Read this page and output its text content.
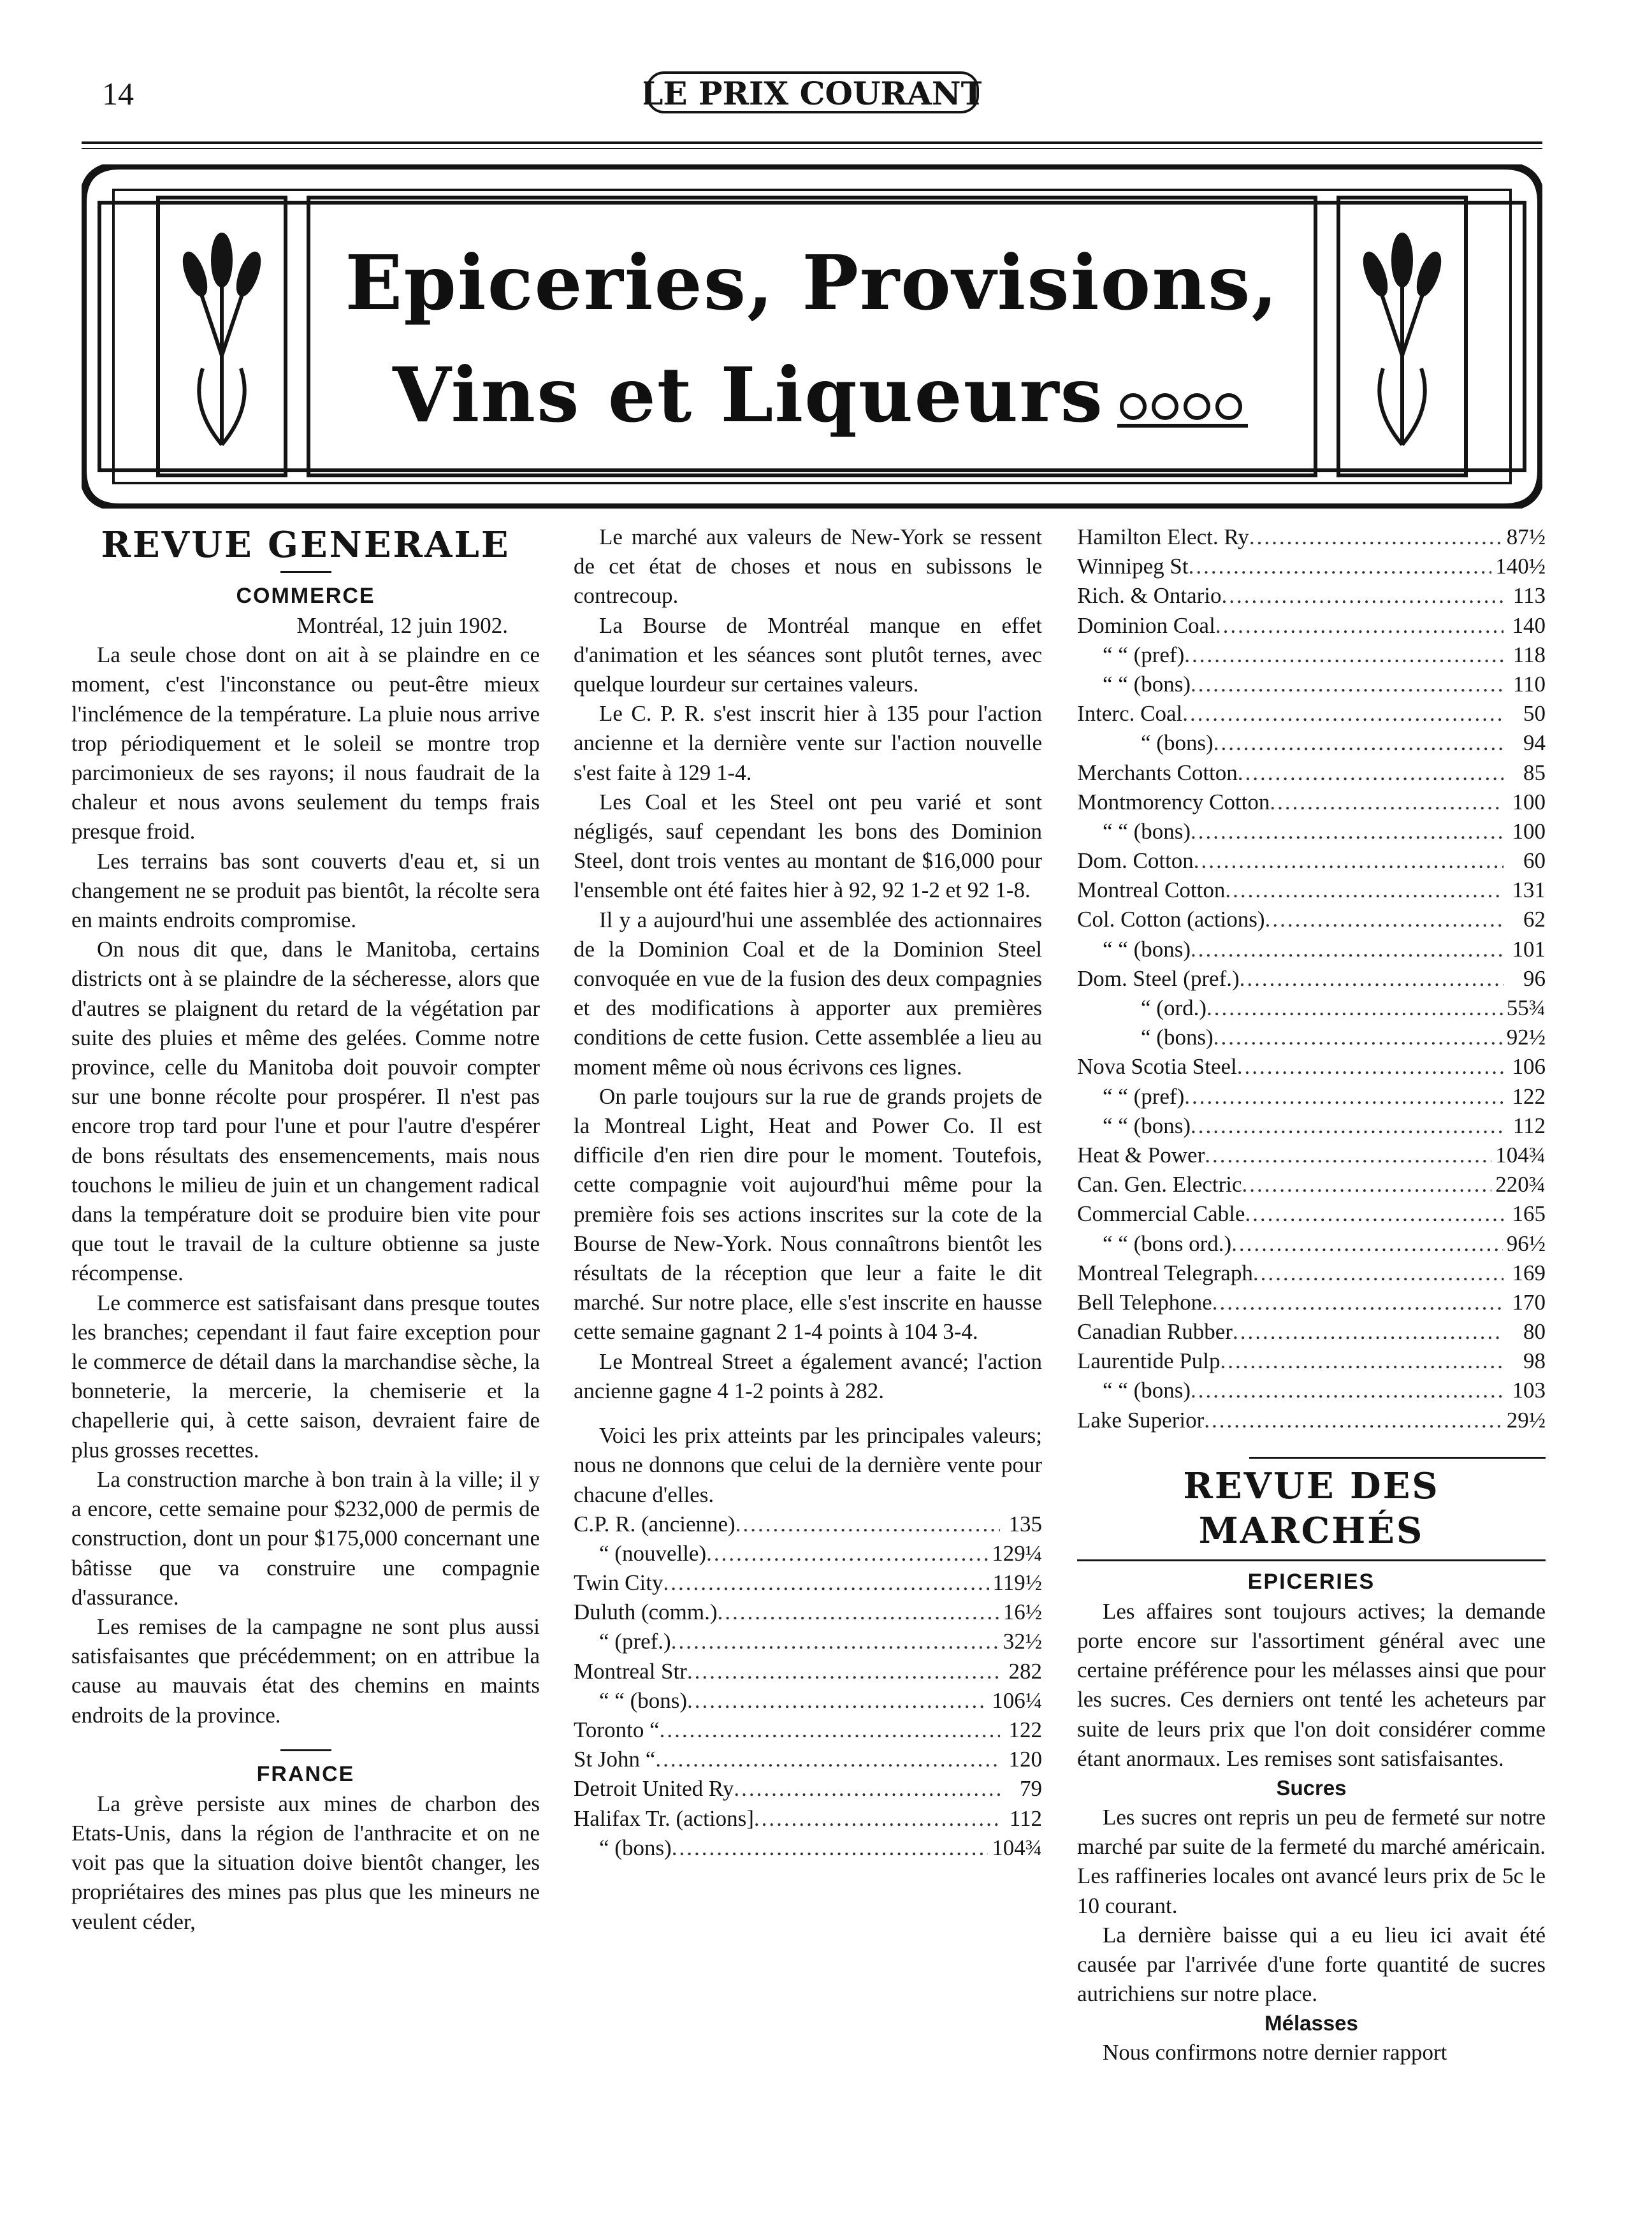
14	LE PRIX COURANT
Epiceries, Provisions,
Vins et Liqueurs
REVUE GENERALE
COMMERCE
Montréal, 12 juin 1902.

La seule chose dont on ait à se plaindre en ce moment, c'est l'inconstance ou peut-être mieux l'inclémence de la température. La pluie nous arrive trop périodiquement et le soleil se montre trop parcimonieux de ses rayons; il nous faudrait de la chaleur et nous avons seulement du temps frais presque froid.

Les terrains bas sont couverts d'eau et, si un changement ne se produit pas bientôt, la récolte sera en maints endroits compromise.

On nous dit que, dans le Manitoba, certains districts ont à se plaindre de la sécheresse, alors que d'autres se plaignent du retard de la végétation par suite des pluies et même des gelées. Comme notre province, celle du Manitoba doit pouvoir compter sur une bonne récolte pour prospérer. Il n'est pas encore trop tard pour l'une et pour l'autre d'espérer de bons résultats des ensemencements, mais nous touchons le milieu de juin et un changement radical dans la température doit se produire bien vite pour que tout le travail de la culture obtienne sa juste récompense.

Le commerce est satisfaisant dans presque toutes les branches; cependant il faut faire exception pour le commerce de détail dans la marchandise sèche, la bonneterie, la mercerie, la chemiserie et la chapellerie qui, à cette saison, devraient faire de plus grosses recettes.

La construction marche à bon train à la ville; il y a encore, cette semaine pour $232,000 de permis de construction, dont un pour $175,000 concernant une bâtisse que va construire une compagnie d'assurance.

Les remises de la campagne ne sont plus aussi satisfaisantes que précédemment; on en attribue la cause au mauvais état des chemins en maints endroits de la province.

FRANCE

La grève persiste aux mines de charbon des Etats-Unis, dans la région de l'anthracite et on ne voit pas que la situation doive bientôt changer, les propriétaires des mines pas plus que les mineurs ne veulent céder,

Le marché aux valeurs de New-York se ressent de cet état de choses et nous en subissons le contrecoup.

La Bourse de Montréal manque en effet d'animation et les séances sont plutôt ternes, avec quelque lourdeur sur certaines valeurs.

Le C. P. R. s'est inscrit hier à 135 pour l'action ancienne et la dernière vente sur l'action nouvelle s'est faite à 129 1-4.

Les Coal et les Steel ont peu varié et sont négligés, sauf cependant les bons des Dominion Steel, dont trois ventes au montant de $16,000 pour l'ensemble ont été faites hier à 92, 92 1-2 et 92 1-8.

Il y a aujourd'hui une assemblée des actionnaires de la Dominion Coal et de la Dominion Steel convoquée en vue de la fusion des deux compagnies et des modifications à apporter aux premières conditions de cette fusion. Cette assemblée a lieu au moment même où nous écrivons ces lignes.

On parle toujours sur la rue de grands projets de la Montreal Light, Heat and Power Co. Il est difficile d'en rien dire pour le moment. Toutefois, cette compagnie voit aujourd'hui même pour la première fois ses actions inscrites sur la cote de la Bourse de New-York. Nous connaîtrons bientôt les résultats de la réception que leur a faite le dit marché. Sur notre place, elle s'est inscrite en hausse cette semaine gagnant 2 1-4 points à 104 3-4.

Le Montreal Street a également avancé; l'action ancienne gagne 4 1-2 points à 282.

Voici les prix atteints par les principales valeurs; nous ne donnons que celui de la dernière vente pour chacune d'elles.

C.P. R. (ancienne) .....	135
“ (nouvelle) .....	129¼
Twin City .....	119½
Duluth (comm.) .....	16½
“ (pref.) .....	32½
Montreal Str .....	282
“ “ (bons) .....	106¼
Toronto “ .....	122
St John “ .....	120
Detroit United Ry .....	79
Halifax Tr. (actions] .....	112
“ (bons) .....	104¾
Hamilton Elect. Ry .....	87½
Winnipeg St .....	140½
Rich. & Ontario .....	113
Dominion Coal .....	140
“ “ (pref) .....	118
“ “ (bons) .....	110
Interc. Coal .....	50
“ (bons) .....	94
Merchants Cotton .....	85
Montmorency Cotton .....	100
“ “ (bons) .....	100
Dom. Cotton .....	60
Montreal Cotton .....	131
Col. Cotton (actions) .....	62
“ “ (bons) .....	101
Dom. Steel (pref.) .....	96
“ (ord.) .....	55¾
“ (bons) .....	92½
Nova Scotia Steel .....	106
“ “ (pref) .....	122
“ “ (bons) .....	112
Heat & Power .....	104¾
Can. Gen. Electric .....	220¾
Commercial Cable .....	165
“ “ (bons ord.) .....	96½
Montreal Telegraph .....	169
Bell Telephone .....	170
Canadian Rubber .....	80
Laurentide Pulp .....	98
“ “ (bons) .....	103
Lake Superior .....	29½
REVUE DES MARCHÉS
EPICERIES

Les affaires sont toujours actives; la demande porte encore sur l'assortiment général avec une certaine préférence pour les mélasses ainsi que pour les sucres. Ces derniers ont tenté les acheteurs par suite de leurs prix que l'on doit considérer comme étant anormaux. Les remises sont satisfaisantes.

Sucres

Les sucres ont repris un peu de fermeté sur notre marché par suite de la fermeté du marché américain. Les raffineries locales ont avancé leurs prix de 5c le 10 courant.

La dernière baisse qui a eu lieu ici avait été causée par l'arrivée d'une forte quantité de sucres autrichiens sur notre place.

Mélasses

Nous confirmons notre dernier rapport
